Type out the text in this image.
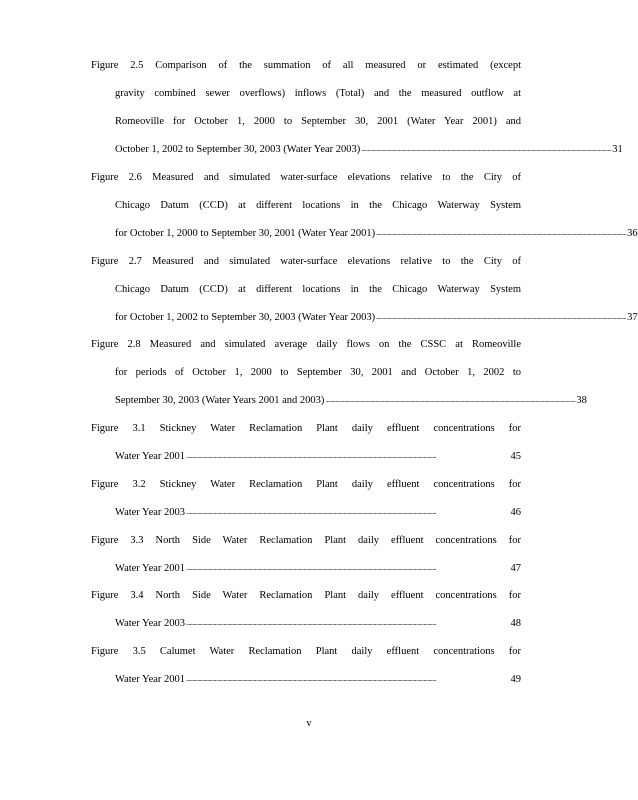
Figure 2.5 Comparison of the summation of all measured or estimated (except
gravity combined sewer overflows) inflows (Total) and the measured outflow at
Romeoville for October 1, 2000 to September 30, 2001 (Water Year 2001) and
October 1, 2002 to September 30, 2003 (Water Year 2003) ........................................................................................................................................................................................................ 31
Figure 2.6 Measured and simulated water-surface elevations relative to the City of
Chicago Datum (CCD) at different locations in the Chicago Waterway System
for October 1, 2000 to September 30, 2001 (Water Year 2001) ........................................................................................................................................................................................................ 36
Figure 2.7 Measured and simulated water-surface elevations relative to the City of
Chicago Datum (CCD) at different locations in the Chicago Waterway System
for October 1, 2002 to September 30, 2003 (Water Year 2003) ........................................................................................................................................................................................................ 37
Figure 2.8 Measured and simulated average daily flows on the CSSC at Romeoville
for periods of October 1, 2000 to September 30, 2001 and October 1, 2002 to
September 30, 2003 (Water Years 2001 and 2003) ........................................................................................................................................................................................................ 38
Figure 3.1 Stickney Water Reclamation Plant daily effluent concentrations for
Water Year 2001 ........................................................................................................................................................................................................	45
Figure 3.2 Stickney Water Reclamation Plant daily effluent concentrations for
Water Year 2003 ........................................................................................................................................................................................................	46
Figure 3.3 North Side Water Reclamation Plant daily effluent concentrations for
Water Year 2001 ........................................................................................................................................................................................................	47
Figure 3.4 North Side Water Reclamation Plant daily effluent concentrations for
Water Year 2003 ........................................................................................................................................................................................................	48
Figure 3.5 Calumet Water Reclamation Plant daily effluent concentrations for
Water Year 2001 ........................................................................................................................................................................................................	49
v
